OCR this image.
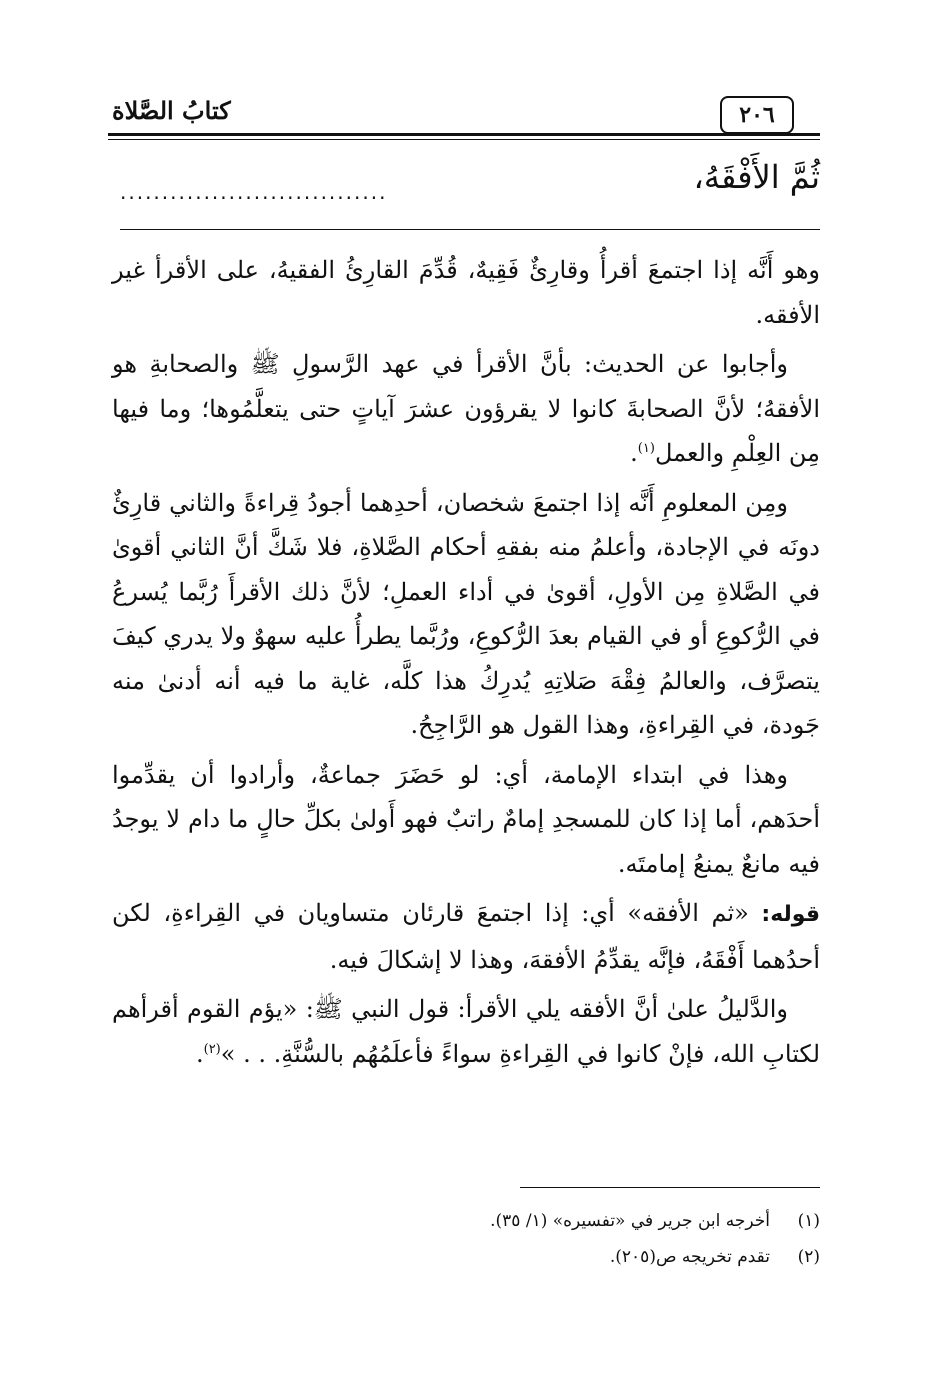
كتابُ الصَّلاة	٢٠٦
ثُمَّ الأَفْقَهُ،
................................

وهو أَنَّه إذا اجتمعَ أقرأُ وقارِئٌ فَقِيهٌ، قُدِّمَ القارِئُ الفقيهُ، على الأقرأ غير الأفقه.

وأجابوا عن الحديث: بأنَّ الأقرأ في عهد الرَّسولِ ﷺ والصحابةِ هو الأفقهُ؛ لأنَّ الصحابةَ كانوا لا يقرؤون عشرَ آياتٍ حتى يتعلَّمُوها؛ وما فيها مِن العِلْمِ والعمل$^{(١)}$.

ومِن المعلومِ أَنَّه إذا اجتمعَ شخصان، أحدِهما أجودُ قِراءةً والثاني قارِئٌ دونَه في الإجادة، وأعلمُ منه بفقهِ أحكام الصَّلاةِ، فلا شَكَّ أنَّ الثاني أقوىٰ في الصَّلاةِ مِن الأولِ، أقوىٰ في أداء العملِ؛ لأنَّ ذلك الأقرأَ رُبَّما يُسرعُ في الرُّكوعِ أو في القيام بعدَ الرُّكوعِ، ورُبَّما يطرأُ عليه سهوٌ ولا يدري كيفَ يتصرَّف، والعالمُ فِقْهَ صَلاتِهِ يُدرِكُ هذا كلَّه، غاية ما فيه أنه أدنىٰ منه جَودة، في القِراءةِ، وهذا القول هو الرَّاجِحُ.

وهذا في ابتداء الإمامة، أي: لو حَضَرَ جماعةٌ، وأرادوا أن يقدِّموا أحدَهم، أما إذا كان للمسجدِ إمامٌ راتبٌ فهو أَولىٰ بكلِّ حالٍ ما دام لا يوجدُ فيه مانعٌ يمنعُ إمامتَه.

قوله: «ثم الأفقه» أي: إذا اجتمعَ قارئان متساويان في القِراءةِ، لكن أحدُهما أَفْقَهُ، فإنَّه يقدِّمُ الأفقهَ، وهذا لا إشكالَ فيه.

والدَّليلُ علىٰ أنَّ الأفقه يلي الأقرأ: قول النبي ﷺ: «يؤم القوم أقرأهم لكتابِ الله، فإنْ كانوا في القِراءةِ سواءً فأعلَمُهُم بالسُّنَّةِ. . . »$^{(٢)}$.

(١)أخرجه ابن جرير في «تفسيره» (١/ ٣٥).
(٢)تقدم تخريجه ص(٢٠٥).
